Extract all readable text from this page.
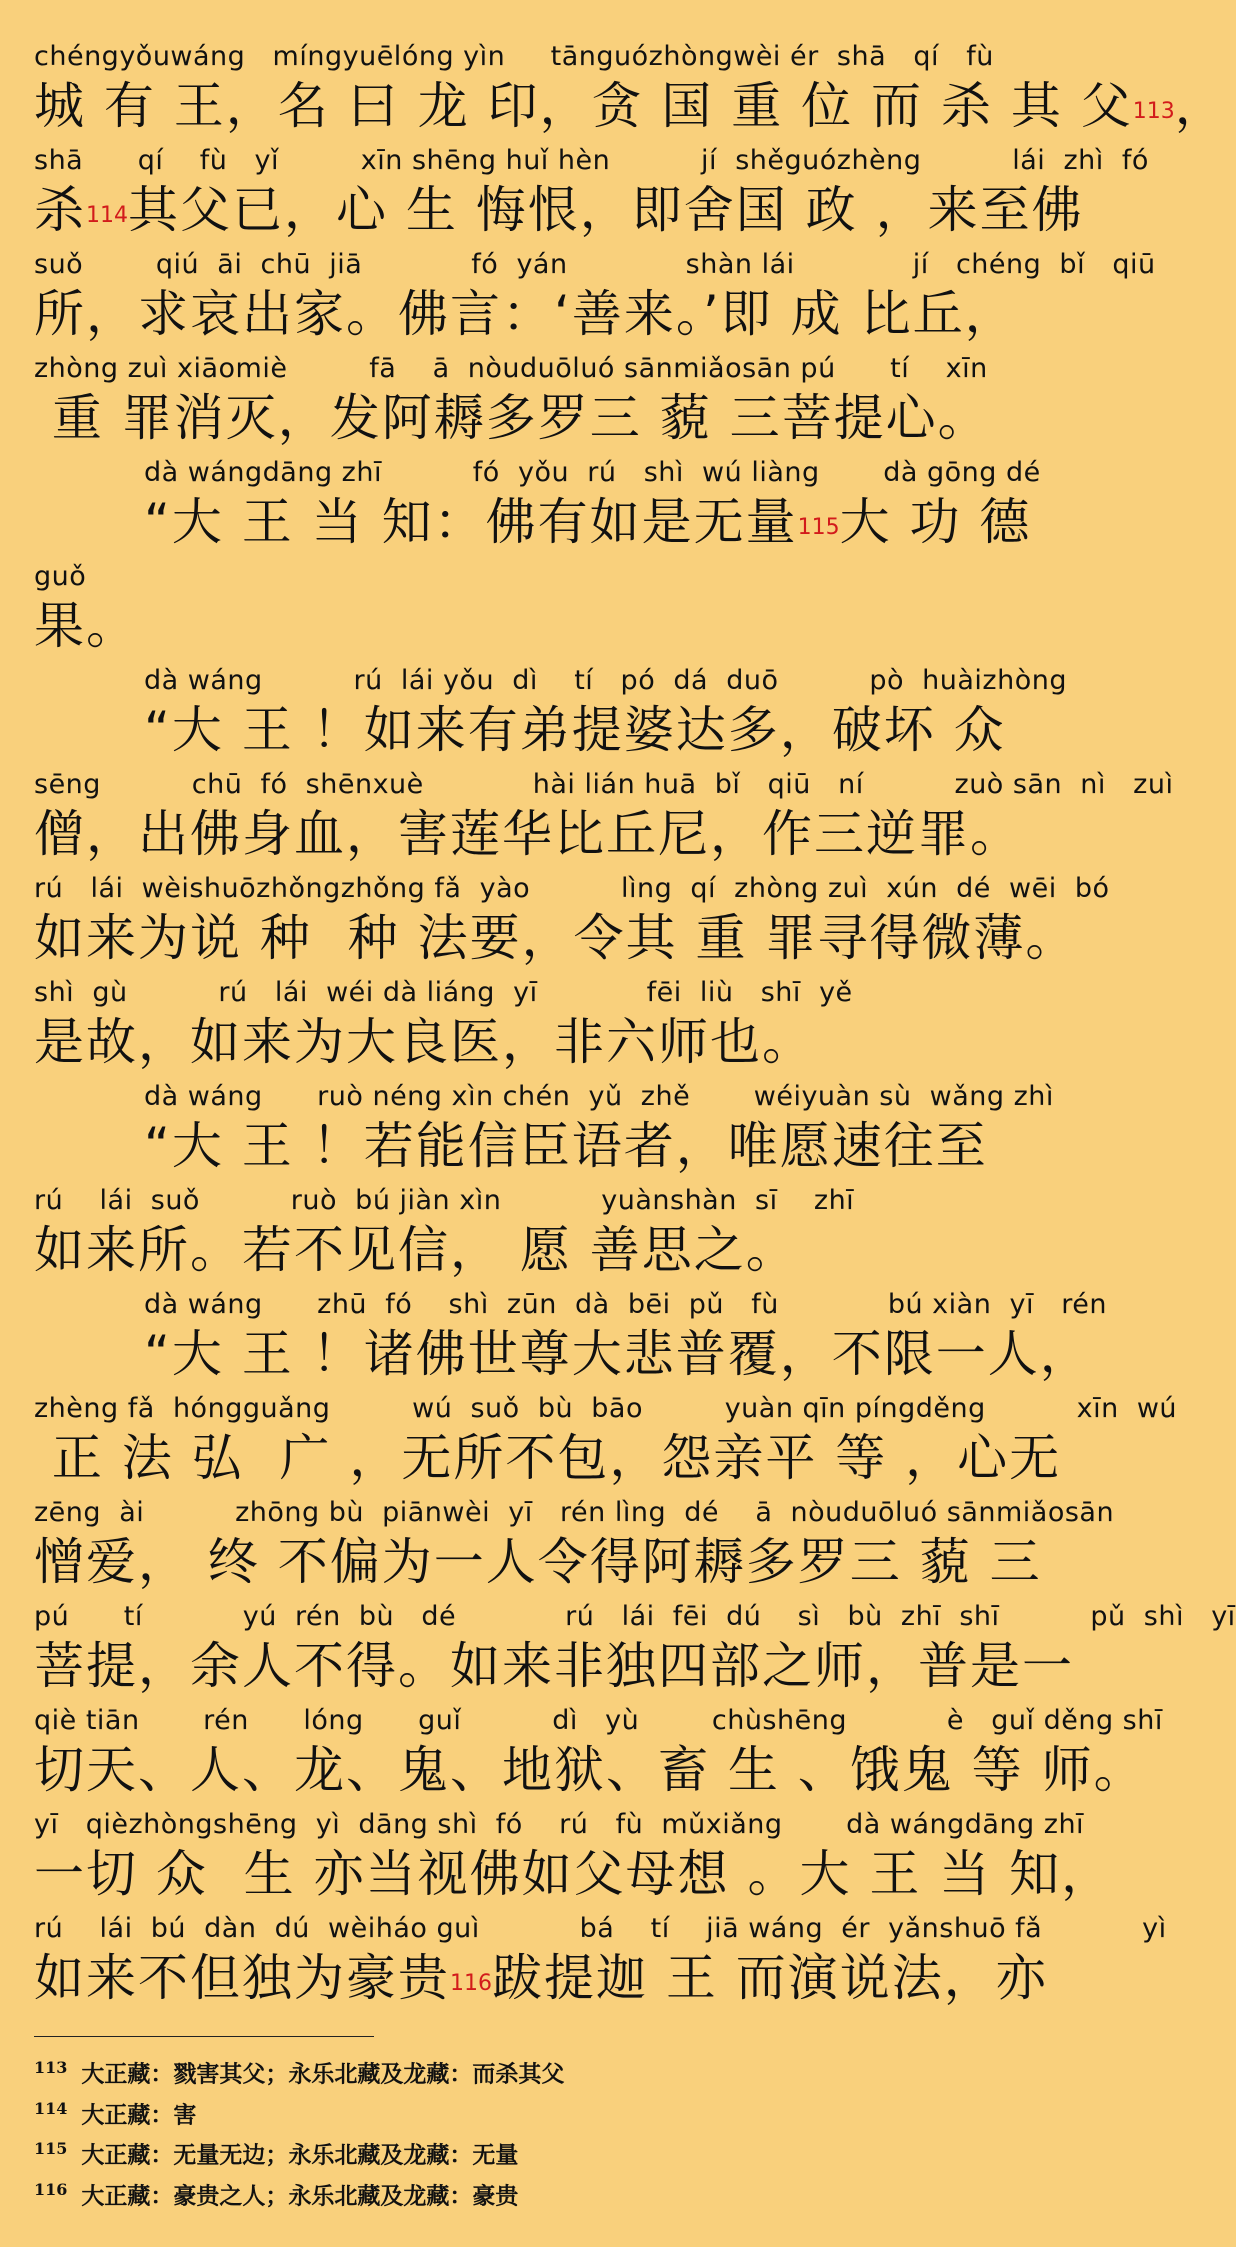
chéngyǒuwáng   míngyuēlóng yìn     tānguózhòngwèi ér  shā   qí   fù
城 有 王，名 曰 龙 印，贪 国 重 位 而 杀 其 父$^{113}$，
shā      qí    fù   yǐ         xīn shēng huǐ hèn          jí  shěguózhèng          lái  zhì  fó
杀$^{114}$其父已，心 生 悔恨，即舍国 政 ，来至佛
suǒ        qiú  āi  chū  jiā            fó  yán             shàn lái             jí   chéng  bǐ   qiū
所，求哀出家。佛言：‘善来。’即 成 比丘，
zhòng zuì xiāomiè         fā    ā  nòuduōluó sānmiǎosān pú      tí    xīn
重 罪消灭，发阿耨多罗三 藐 三菩提心。
dà wángdāng zhī          fó  yǒu  rú   shì  wú liàng       dà gōng dé
“大 王 当 知：佛有如是无量$^{115}$大 功 德
guǒ
果。
dà wáng          rú  lái yǒu  dì    tí   pó  dá  duō          pò  huàizhòng
“大 王 ！如来有弟提婆达多，破坏 众
sēng          chū  fó  shēnxuè            hài lián huā  bǐ   qiū   ní          zuò sān  nì   zuì
僧，出佛身血，害莲华比丘尼，作三逆罪。
rú   lái  wèishuōzhǒngzhǒng fǎ  yào          lìng  qí  zhòng zuì  xún  dé  wēi  bó
如来为说 种  种 法要，令其 重 罪寻得微薄。
shì  gù          rú   lái  wéi dà liáng  yī            fēi  liù   shī  yě
是故，如来为大良医，非六师也。
dà wáng      ruò néng xìn chén  yǔ  zhě       wéiyuàn sù  wǎng zhì
“大 王 ！若能信臣语者，唯愿速往至
rú    lái  suǒ          ruò  bú jiàn xìn           yuànshàn  sī    zhī
如来所。若不见信， 愿 善思之。
dà wáng      zhū  fó    shì  zūn  dà  bēi  pǔ   fù            bú xiàn  yī   rén
“大 王 ！诸佛世尊大悲普覆，不限一人，
zhèng fǎ  hóngguǎng         wú  suǒ  bù  bāo         yuàn qīn píngděng          xīn  wú
正 法 弘  广 ，无所不包，怨亲平 等 ，心无
zēng  ài          zhōng bù  piānwèi  yī   rén lìng  dé    ā  nòuduōluó sānmiǎosān
憎爱， 终 不偏为一人令得阿耨多罗三 藐 三
pú      tí           yú  rén  bù   dé            rú   lái  fēi  dú    sì   bù  zhī  shī          pǔ  shì   yī
菩提，余人不得。如来非独四部之师，普是一
qiè tiān       rén      lóng      guǐ          dì   yù        chùshēng           è   guǐ děng shī
切天、人、龙、鬼、地狱、畜 生 、饿鬼 等 师。
yī   qièzhòngshēng  yì  dāng shì  fó    rú   fù  mǔxiǎng       dà wángdāng zhī
一切 众  生 亦当视佛如父母想 。大 王 当 知，
rú    lái  bú  dàn  dú  wèiháo guì           bá    tí    jiā wáng  ér  yǎnshuō fǎ           yì
如来不但独为豪贵$^{116}$跋提迦 王 而演说法，亦
$^{113}$ 大正藏：戮害其父；永乐北藏及龙藏：而杀其父
$^{114}$ 大正藏：害
$^{115}$ 大正藏：无量无边；永乐北藏及龙藏：无量
$^{116}$ 大正藏：豪贵之人；永乐北藏及龙藏：豪贵
